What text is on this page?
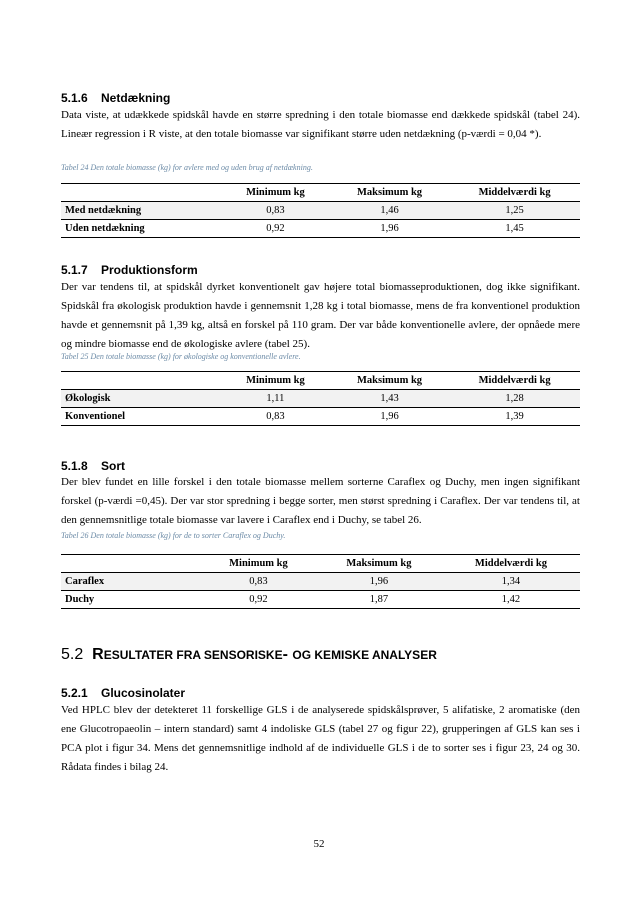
5.1.6 Netdækning
Data viste, at udækkede spidskål havde en større spredning i den totale biomasse end dækkede spidskål (tabel 24). Lineær regression i R viste, at den totale biomasse var signifikant større uden netdækning (p-værdi = 0,04 *).
Tabel 24 Den totale biomasse (kg) for avlere med og uden brug af netdækning.
	Minimum kg	Maksimum kg	Middelværdi kg
Med netdækning	0,83	1,46	1,25
Uden netdækning	0,92	1,96	1,45
5.1.7 Produktionsform
Der var tendens til, at spidskål dyrket konventionelt gav højere total biomasseproduktionen, dog ikke signifikant. Spidskål fra økologisk produktion havde i gennemsnit 1,28 kg i total biomasse, mens de fra konventionel produktion havde et gennemsnit på 1,39 kg, altså en forskel på 110 gram. Der var både konventionelle avlere, der opnåede mere og mindre biomasse end de økologiske avlere (tabel 25).
Tabel 25 Den totale biomasse (kg) for økologiske og konventionelle avlere.
	Minimum kg	Maksimum kg	Middelværdi kg
Økologisk	1,11	1,43	1,28
Konventionel	0,83	1,96	1,39
5.1.8 Sort
Der blev fundet en lille forskel i den totale biomasse mellem sorterne Caraflex og Duchy, men ingen signifikant forskel (p-værdi =0,45). Der var stor spredning i begge sorter, men størst spredning i Caraflex. Der var tendens til, at den gennemsnitlige totale biomasse var lavere i Caraflex end i Duchy, se tabel 26.
Tabel 26 Den totale biomasse (kg) for de to sorter Caraflex og Duchy.
	Minimum kg	Maksimum kg	Middelværdi kg
Caraflex	0,83	1,96	1,34
Duchy	0,92	1,87	1,42
5.2 RESULTATER FRA SENSORISKE- OG KEMISKE ANALYSER
5.2.1 Glucosinolater
Ved HPLC blev der detekteret 11 forskellige GLS i de analyserede spidskålsprøver, 5 alifatiske, 2 aromatiske (den ene Glucotropaeolin – intern standard) samt 4 indoliske GLS (tabel 27 og figur 22), grupperingen af GLS kan ses i PCA plot i figur 34. Mens det gennemsnitlige indhold af de individuelle GLS i de to sorter ses i figur 23, 24 og 30. Rådata findes i bilag 24.
52
